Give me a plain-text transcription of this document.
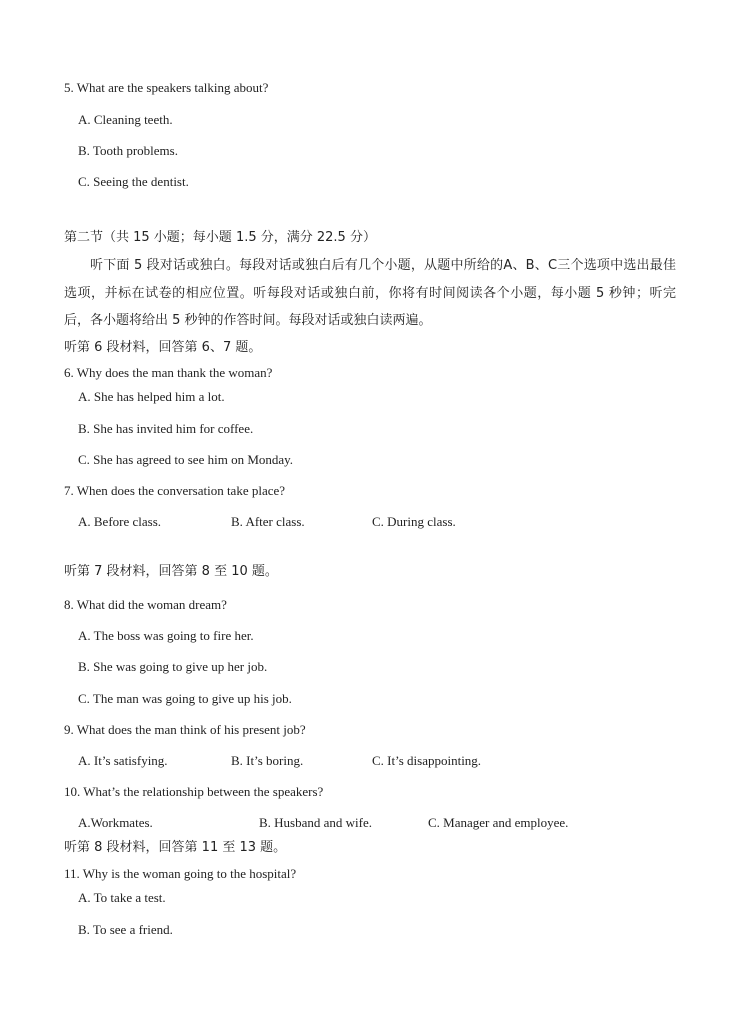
5. What are the speakers talking about?
A. Cleaning teeth.
B. Tooth problems.
C. Seeing the dentist.
第二节（共 15 小题；每小题 1.5 分，满分 22.5 分）
听下面 5 段对话或独白。每段对话或独白后有几个小题，从题中所给的A、B、C三个选项中选出最佳选项，并标在试卷的相应位置。听每段对话或独白前，你将有时间阅读各个小题，每小题 5 秒钟；听完后，各小题将给出 5 秒钟的作答时间。每段对话或独白读两遍。
听第 6 段材料，回答第 6、7 题。
6. Why does the man thank the woman?
A. She has helped him a lot.
B. She has invited him for coffee.
C. She has agreed to see him on Monday.
7. When does the conversation take place?
A. Before class.	B. After class.	C. During class.
听第 7 段材料，回答第 8 至 10 题。
8. What did the woman dream?
A. The boss was going to fire her.
B. She was going to give up her job.
C. The man was going to give up his job.
9. What does the man think of his present job?
A. It’s satisfying.	B. It’s boring.	C. It’s disappointing.
10. What’s the relationship between the speakers?
A.Workmates.	B. Husband and wife.	C. Manager and employee.
听第 8 段材料，回答第 11 至 13 题。
11. Why is the woman going to the hospital?
A. To take a test.
B. To see a friend.
